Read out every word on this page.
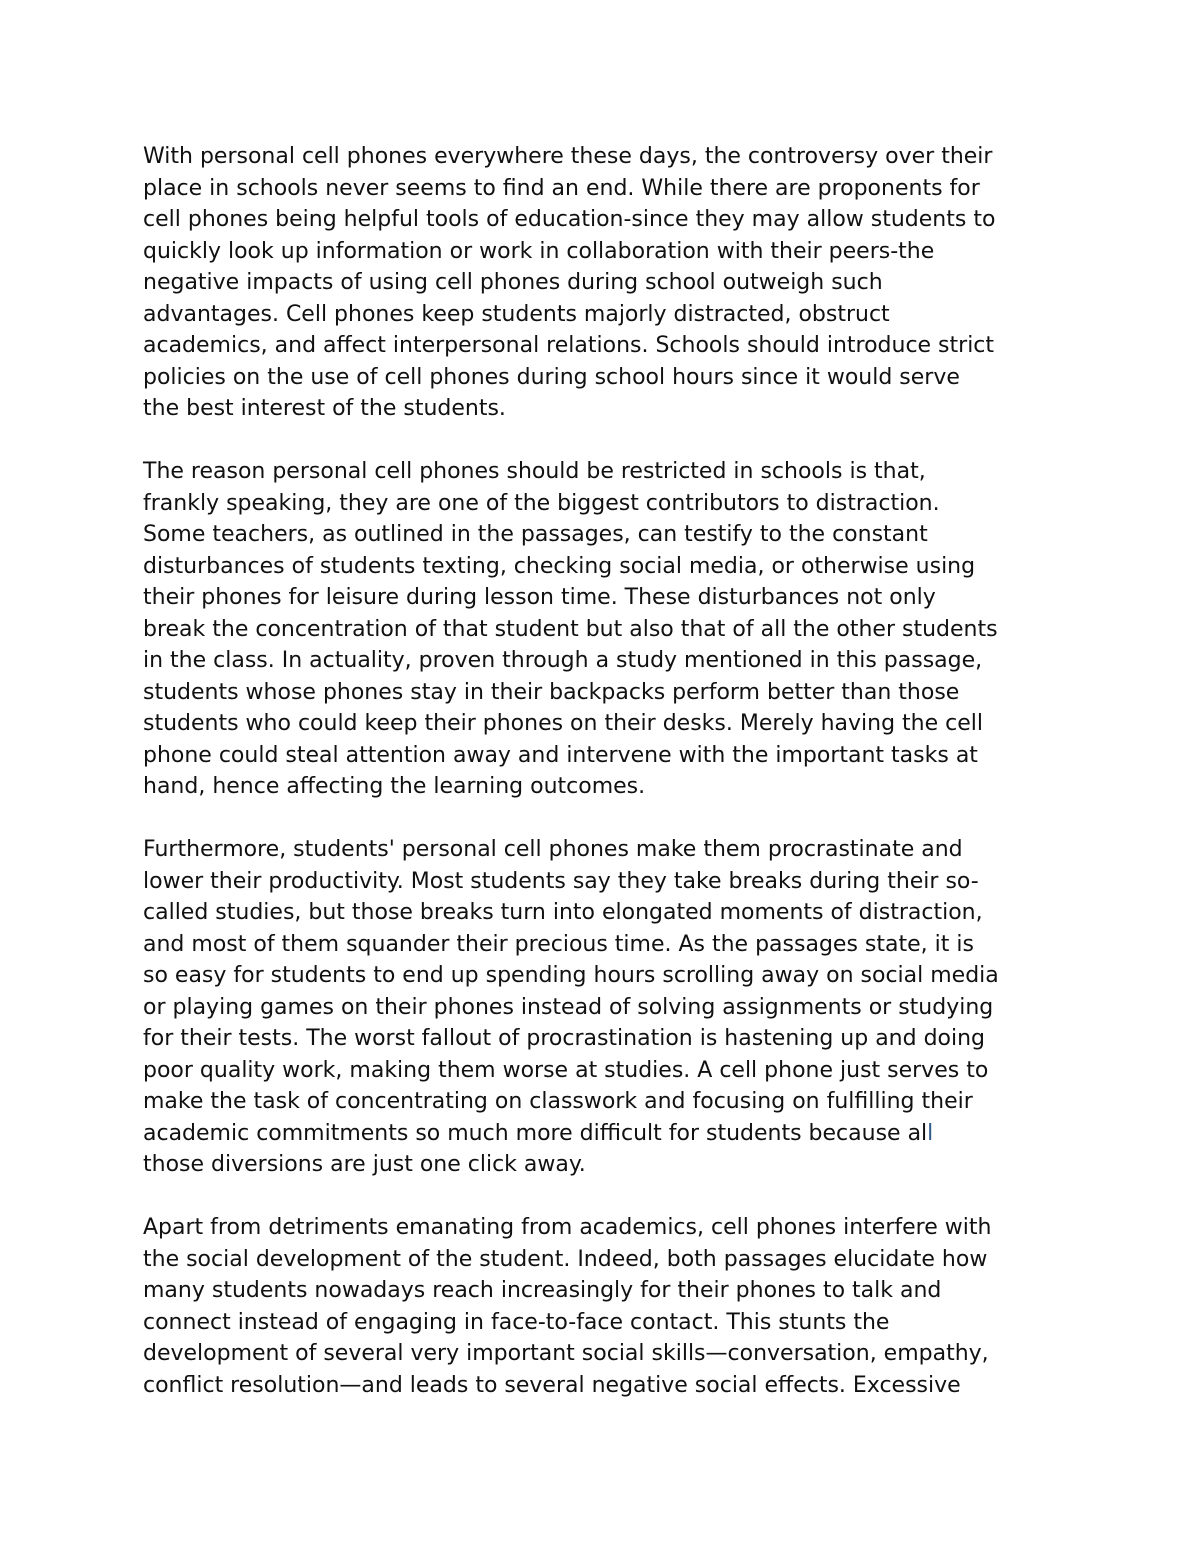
With personal cell phones everywhere these days, the controversy over their
place in schools never seems to find an end. While there are proponents for
cell phones being helpful tools of education-since they may allow students to
quickly look up information or work in collaboration with their peers-the
negative impacts of using cell phones during school outweigh such
advantages. Cell phones keep students majorly distracted, obstruct
academics, and affect interpersonal relations. Schools should introduce strict
policies on the use of cell phones during school hours since it would serve
the best interest of the students.
The reason personal cell phones should be restricted in schools is that,
frankly speaking, they are one of the biggest contributors to distraction.
Some teachers, as outlined in the passages, can testify to the constant
disturbances of students texting, checking social media, or otherwise using
their phones for leisure during lesson time. These disturbances not only
break the concentration of that student but also that of all the other students
in the class. In actuality, proven through a study mentioned in this passage,
students whose phones stay in their backpacks perform better than those
students who could keep their phones on their desks. Merely having the cell
phone could steal attention away and intervene with the important tasks at
hand, hence affecting the learning outcomes.
Furthermore, students' personal cell phones make them procrastinate and
lower their productivity. Most students say they take breaks during their so-
called studies, but those breaks turn into elongated moments of distraction,
and most of them squander their precious time. As the passages state, it is
so easy for students to end up spending hours scrolling away on social media
or playing games on their phones instead of solving assignments or studying
for their tests. The worst fallout of procrastination is hastening up and doing
poor quality work, making them worse at studies. A cell phone just serves to
make the task of concentrating on classwork and focusing on fulfilling their
academic commitments so much more difficult for students because all
those diversions are just one click away.
Apart from detriments emanating from academics, cell phones interfere with
the social development of the student. Indeed, both passages elucidate how
many students nowadays reach increasingly for their phones to talk and
connect instead of engaging in face-to-face contact. This stunts the
development of several very important social skills—conversation, empathy,
conflict resolution—and leads to several negative social effects. Excessive
